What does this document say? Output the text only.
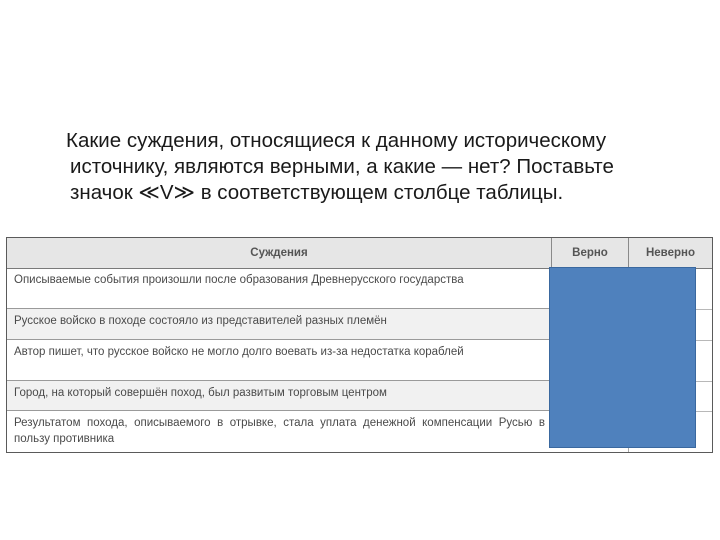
Какие суждения, относящиеся к данному историческому
источнику, являются верными, а какие — нет? Поставьте
значок ≪V≫ в соответствующем столбце таблицы.
Суждения	Верно	Неверно
Описываемые события произошли после образования Древнерусского государства
Русское войско в походе состояло из представителей разных племён
Автор пишет, что русское войско не могло долго воевать из-за недостатка кораблей
Город, на который совершён поход, был развитым торговым центром
Результатом похода, описываемого в отрывке, стала уплата денежной компенсации Русью в пользу противника
